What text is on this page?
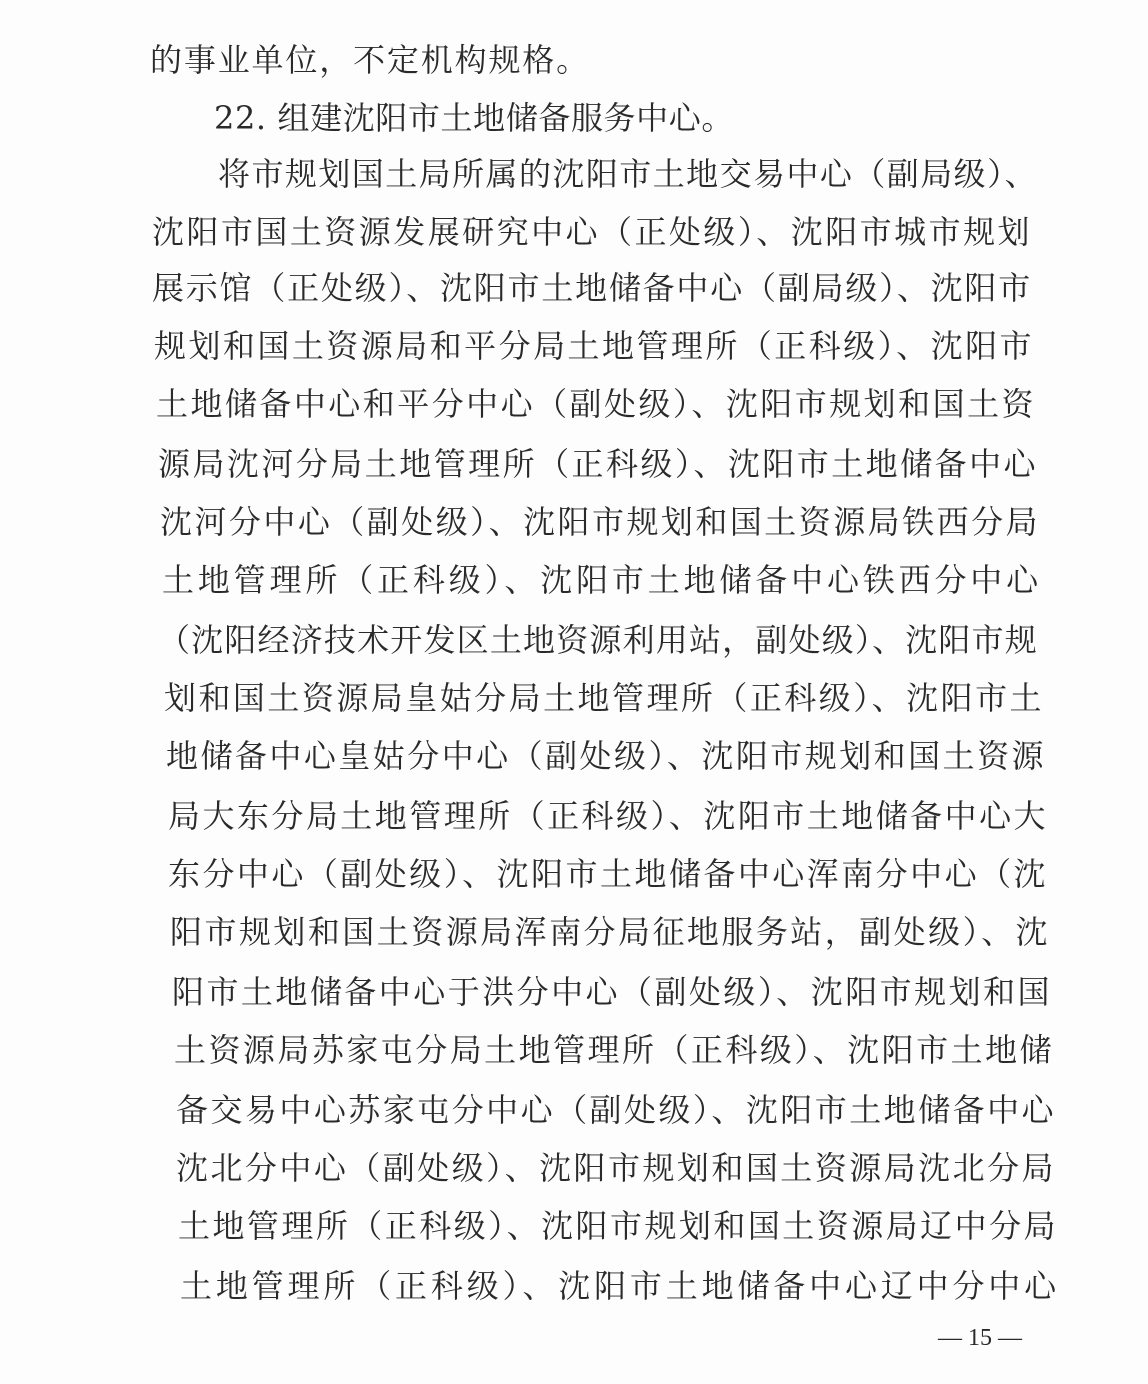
的事业单位，不定机构规格。
22. 组建沈阳市土地储备服务中心。
将市规划国土局所属的沈阳市土地交易中心（副局级）、
沈阳市国土资源发展研究中心（正处级）、沈阳市城市规划
展示馆（正处级）、沈阳市土地储备中心（副局级）、沈阳市
规划和国土资源局和平分局土地管理所（正科级）、沈阳市
土地储备中心和平分中心（副处级）、沈阳市规划和国土资
源局沈河分局土地管理所（正科级）、沈阳市土地储备中心
沈河分中心（副处级）、沈阳市规划和国土资源局铁西分局
土地管理所（正科级）、沈阳市土地储备中心铁西分中心
（沈阳经济技术开发区土地资源利用站，副处级）、沈阳市规
划和国土资源局皇姑分局土地管理所（正科级）、沈阳市土
地储备中心皇姑分中心（副处级）、沈阳市规划和国土资源
局大东分局土地管理所（正科级）、沈阳市土地储备中心大
东分中心（副处级）、沈阳市土地储备中心浑南分中心（沈
阳市规划和国土资源局浑南分局征地服务站，副处级）、沈
阳市土地储备中心于洪分中心（副处级）、沈阳市规划和国
土资源局苏家屯分局土地管理所（正科级）、沈阳市土地储
备交易中心苏家屯分中心（副处级）、沈阳市土地储备中心
沈北分中心（副处级）、沈阳市规划和国土资源局沈北分局
土地管理所（正科级）、沈阳市规划和国土资源局辽中分局
土地管理所（正科级）、沈阳市土地储备中心辽中分中心
— 15 —
